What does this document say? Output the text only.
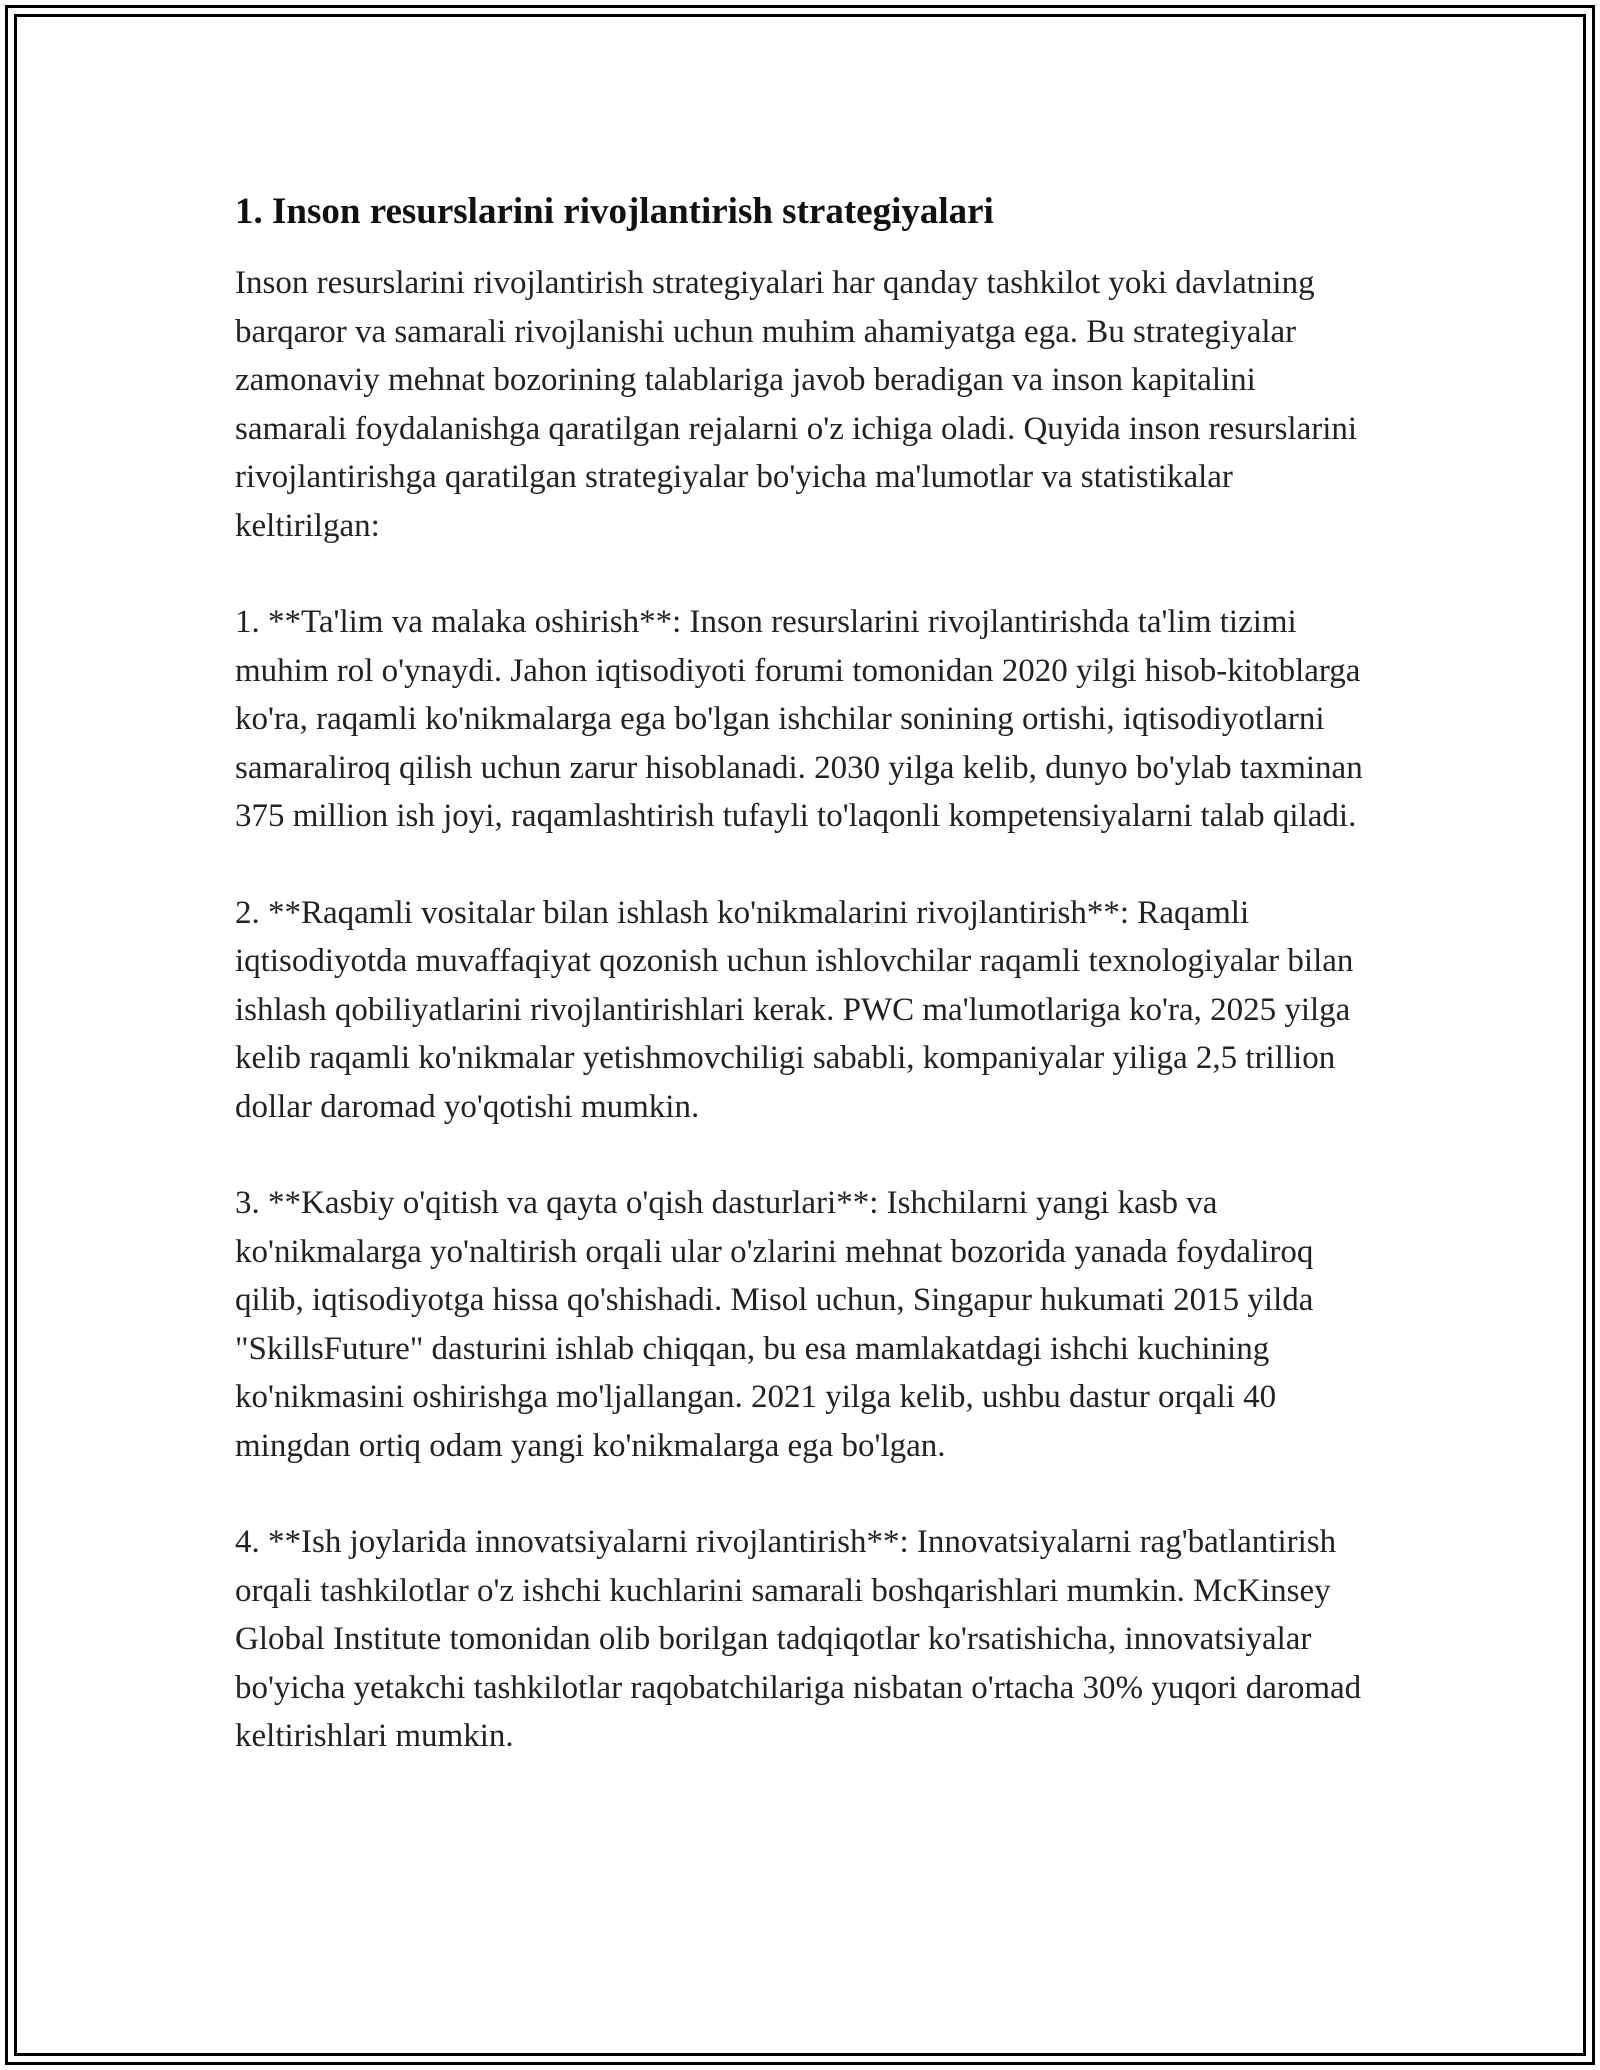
1. Inson resurslarini rivojlantirish strategiyalari

Inson resurslarini rivojlantirish strategiyalari har qanday tashkilot yoki davlatning barqaror va samarali rivojlanishi uchun muhim ahamiyatga ega. Bu strategiyalar zamonaviy mehnat bozorining talablariga javob beradigan va inson kapitalini samarali foydalanishga qaratilgan rejalarni o'z ichiga oladi. Quyida inson resurslarini rivojlantirishga qaratilgan strategiyalar bo'yicha ma'lumotlar va statistikalar keltirilgan:

1. **Ta'lim va malaka oshirish**: Inson resurslarini rivojlantirishda ta'lim tizimi muhim rol o'ynaydi. Jahon iqtisodiyoti forumi tomonidan 2020 yilgi hisob-kitoblarga ko'ra, raqamli ko'nikmalarga ega bo'lgan ishchilar sonining ortishi, iqtisodiyotlarni samaraliroq qilish uchun zarur hisoblanadi. 2030 yilga kelib, dunyo bo'ylab taxminan 375 million ish joyi, raqamlashtirish tufayli to'laqonli kompetensiyalarni talab qiladi.

2. **Raqamli vositalar bilan ishlash ko'nikmalarini rivojlantirish**: Raqamli iqtisodiyotda muvaffaqiyat qozonish uchun ishlovchilar raqamli texnologiyalar bilan ishlash qobiliyatlarini rivojlantirishlari kerak. PWC ma'lumotlariga ko'ra, 2025 yilga kelib raqamli ko'nikmalar yetishmovchiligi sababli, kompaniyalar yiliga 2,5 trillion dollar daromad yo'qotishi mumkin.

3. **Kasbiy o'qitish va qayta o'qish dasturlari**: Ishchilarni yangi kasb va ko'nikmalarga yo'naltirish orqali ular o'zlarini mehnat bozorida yanada foydaliroq qilib, iqtisodiyotga hissa qo'shishadi. Misol uchun, Singapur hukumati 2015 yilda "SkillsFuture" dasturini ishlab chiqqan, bu esa mamlakatdagi ishchi kuchining ko'nikmasini oshirishga mo'ljallangan. 2021 yilga kelib, ushbu dastur orqali 40 mingdan ortiq odam yangi ko'nikmalarga ega bo'lgan.

4. **Ish joylarida innovatsiyalarni rivojlantirish**: Innovatsiyalarni rag'batlantirish orqali tashkilotlar o'z ishchi kuchlarini samarali boshqarishlari mumkin. McKinsey Global Institute tomonidan olib borilgan tadqiqotlar ko'rsatishicha, innovatsiyalar bo'yicha yetakchi tashkilotlar raqobatchilariga nisbatan o'rtacha 30% yuqori daromad keltirishlari mumkin.
